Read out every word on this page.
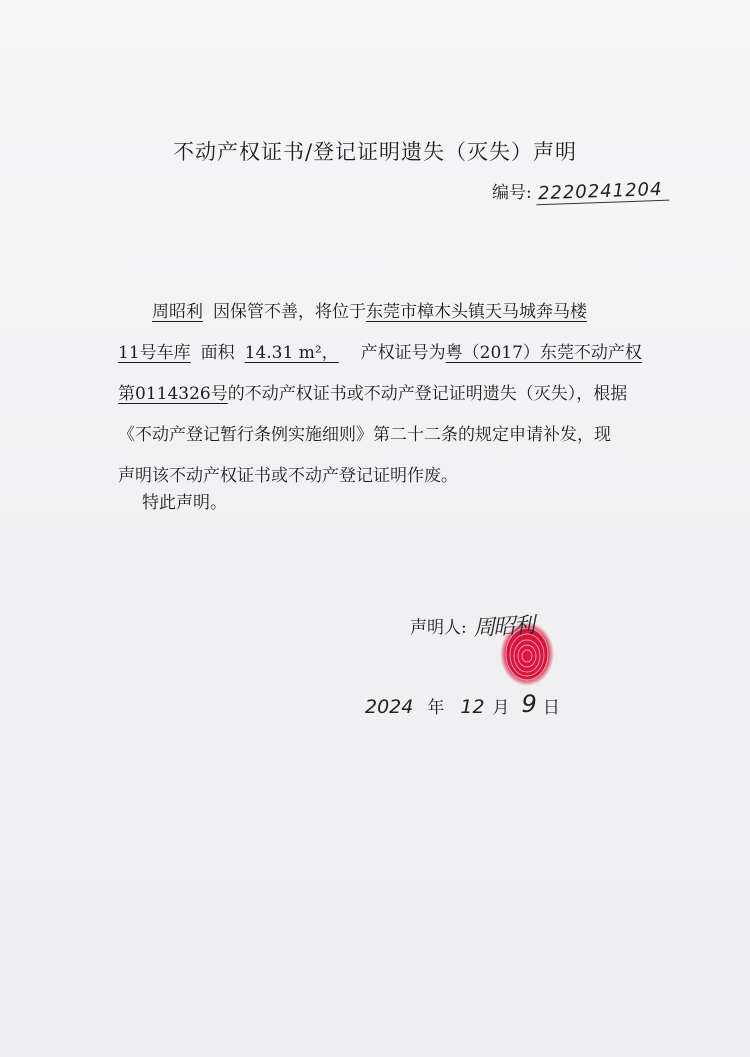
不动产权证书/登记证明遗失（灭失）声明
编号: 2220241204
周昭利 因保管不善，将位于东莞市樟木头镇天马城奔马楼
11号车库 面积 14.31 m²， 产权证号为粤（2017）东莞不动产权
第0114326号的不动产权证书或不动产登记证明遗失（灭失），根据
《不动产登记暂行条例实施细则》第二十二条的规定申请补发，现
声明该不动产权证书或不动产登记证明作废。
特此声明。
声明人: 周昭利
2024 年 12 月 9 日
